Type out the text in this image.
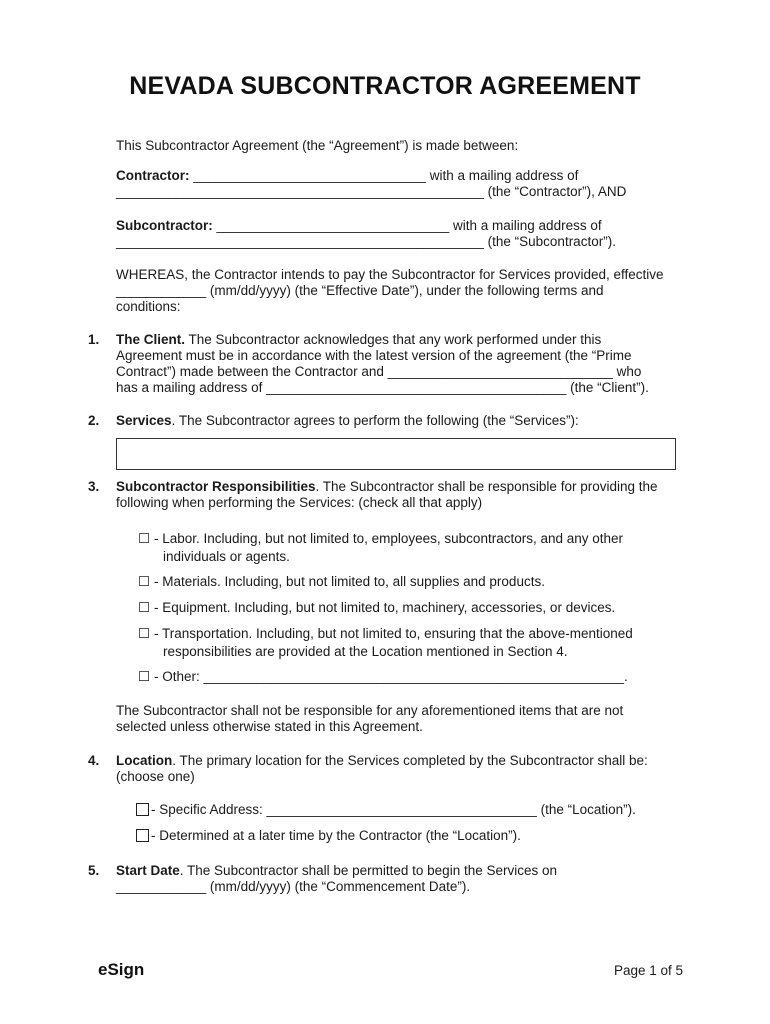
NEVADA SUBCONTRACTOR AGREEMENT
This Subcontractor Agreement (the “Agreement”) is made between:
Contractor: _______________________________ with a mailing address of
_________________________________________________ (the “Contractor”), AND
Subcontractor: _______________________________ with a mailing address of
_________________________________________________ (the “Subcontractor”).
WHEREAS, the Contractor intends to pay the Subcontractor for Services provided, effective
____________ (mm/dd/yyyy) (the “Effective Date”), under the following terms and
conditions:
1. The Client. The Subcontractor acknowledges that any work performed under this
Agreement must be in accordance with the latest version of the agreement (the “Prime
Contract”) made between the Contractor and ______________________________ who
has a mailing address of ________________________________________ (the “Client”).
2. Services. The Subcontractor agrees to perform the following (the “Services”):
3. Subcontractor Responsibilities. The Subcontractor shall be responsible for providing the
following when performing the Services: (check all that apply)
☐ - Labor. Including, but not limited to, employees, subcontractors, and any other
individuals or agents.
☐ - Materials. Including, but not limited to, all supplies and products.
☐ - Equipment. Including, but not limited to, machinery, accessories, or devices.
☐ - Transportation. Including, but not limited to, ensuring that the above-mentioned
responsibilities are provided at the Location mentioned in Section 4.
☐ - Other: ________________________________________________________.
The Subcontractor shall not be responsible for any aforementioned items that are not
selected unless otherwise stated in this Agreement.
4. Location. The primary location for the Services completed by the Subcontractor shall be:
(choose one)
- Specific Address: ____________________________________ (the “Location”).
- Determined at a later time by the Contractor (the “Location”).
5. Start Date. The Subcontractor shall be permitted to begin the Services on
____________ (mm/dd/yyyy) (the “Commencement Date”).
eSign	Page 1 of 5
